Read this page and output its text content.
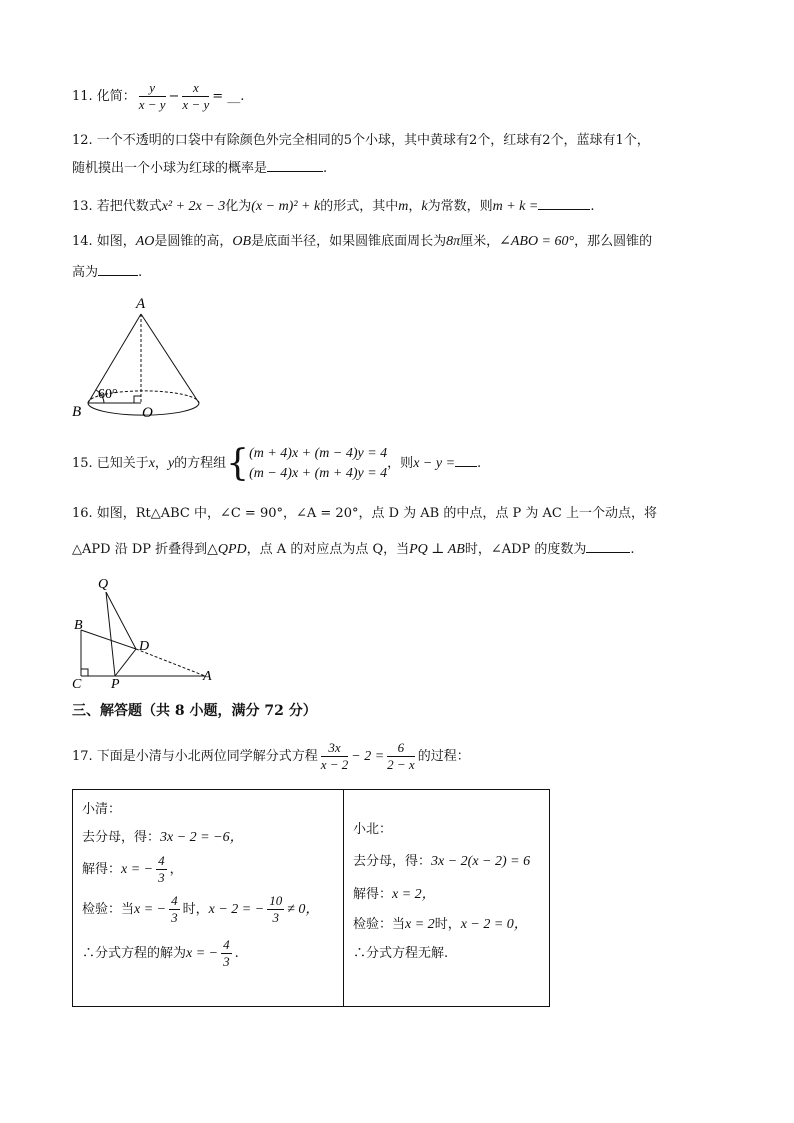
11. 化简： $\frac{y}{x - y} - \frac{x}{x - y}$ = __.
12. 一个不透明的口袋中有除颜色外完全相同的5个小球，其中黄球有2个，红球有2个，蓝球有1个，
随机摸出一个小球为红球的概率是	.
13. 若把代数式x² + 2x − 3化为(x − m)² + k的形式，其中m，k为常数，则m + k =	.
14. 如图，AO是圆锥的高，OB是底面半径，如果圆锥底面周长为8π厘米，∠ABO = 60°，那么圆锥的
高为	.
A
B	O
60°
15. 已知关于x，y的方程组{ (m + 4)x + (m − 4)y = 4
(m − 4)x + (m + 4)y = 4
，则x − y = .
16. 如图，Rt△ABC 中，∠C = 90°，∠A = 20°，点 D 为 AB 的中点，点 P 为 AC 上一个动点，将
△APD 沿 DP 折叠得到△QPD，点 A 的对应点为点 Q，当PQ ⊥ AB时，∠ADP 的度数为	.
Q
B
D
C P
A
三、解答题（共 8 小题，满分 72 分）
17. 下面是小清与小北两位同学解分式方程 $\frac{3x}{x - 2} - 2 = \frac{6}{2 - x}$ 的过程：
小清：
去分母，得：3x − 2 = −6，
解得：x = − $\frac{4}{3}$ ，
检验：当x = − $\frac{4}{3}$ 时，x − 2 = − $\frac{10}{3} \ne 0$，
∴分式方程的解为x = − $\frac{4}{3}$ .

小北：
去分母，得：3x − 2(x − 2) = 6
解得：x = 2，
检验：当x = 2时，x − 2 = 0，
∴分式方程无解.
